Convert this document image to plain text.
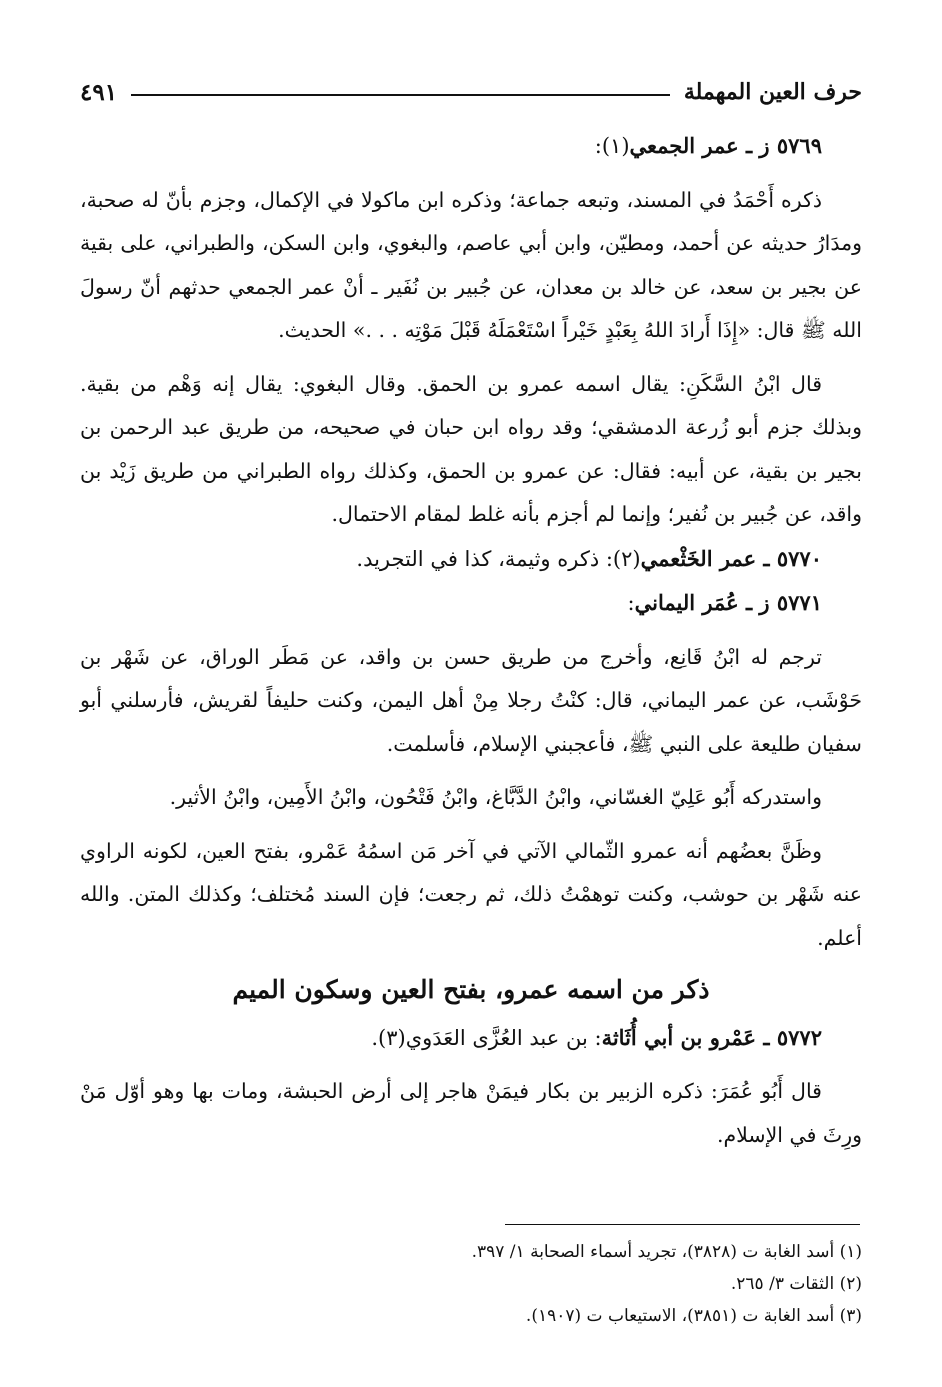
حرف العين المهملة
٤٩١

٥٧٦٩ ز ـ عمر الجمعي(١):

ذكره أَحْمَدُ في المسند، وتبعه جماعة؛ وذكره ابن ماكولا في الإكمال، وجزم بأنّ له صحبة، ومدَارُ حديثه عن أحمد، ومطيّن، وابن أبي عاصم، والبغوي، وابن السكن، والطبراني، على بقية عن بجير بن سعد، عن خالد بن معدان، عن جُبير بن نُفَير ـ أنْ عمر الجمعي حدثهم أنّ رسولَ الله ﷺ قال: «إِذَا أَرادَ اللهُ بِعَبْدٍ خَيْراً اسْتَعْمَلَهُ قَبْلَ مَوْتِه . . .» الحديث.

قال ابْنُ السَّكَنِ: يقال اسمه عمرو بن الحمق. وقال البغوي: يقال إنه وَهْم من بقية. وبذلك جزم أبو زُرعة الدمشقي؛ وقد رواه ابن حبان في صحيحه، من طريق عبد الرحمن بن بجير بن بقية، عن أبيه: فقال: عن عمرو بن الحمق، وكذلك رواه الطبراني من طريق زَيْد بن واقد، عن جُبير بن نُفير؛ وإنما لم أجزم بأنه غلط لمقام الاحتمال.

٥٧٧٠ ـ عمر الخَثْعمي(٢): ذكره وثيمة، كذا في التجريد.

٥٧٧١ ز ـ عُمَر اليماني:

ترجم له ابْنُ قَانِع، وأخرج من طريق حسن بن واقد، عن مَطَر الوراق، عن شَهْر بن حَوْشَب، عن عمر اليماني، قال: كنْتُ رجلا مِنْ أهل اليمن، وكنت حليفاً لقريش، فأرسلني أبو سفيان طليعة على النبي ﷺ، فأعجبني الإسلام، فأسلمت.

واستدركه أَبُو عَلِيّ الغسّاني، وابْنُ الدَّبَّاغ، وابْنُ فَتْحُون، وابْنُ الأَمِين، وابْنُ الأثير.

وظَنَّ بعضُهم أنه عمرو الثّمالي الآتي في آخر مَن اسمُهُ عَمْرو، بفتح العين، لكونه الراوي عنه شَهْر بن حوشب، وكنت توهمْتُ ذلك، ثم رجعت؛ فإن السند مُختلف؛ وكذلك المتن. والله أعلم.

ذكر من اسمه عمرو، بفتح العين وسكون الميم

٥٧٧٢ ـ عَمْرو بن أبي أُثَاثة: بن عبد العُزَّى العَدَوي(٣).

قال أَبُو عُمَرَ: ذكره الزبير بن بكار فيمَنْ هاجر إلى أرض الحبشة، ومات بها وهو أوّل مَنْ ورِثَ في الإسلام.

(١) أسد الغابة ت (٣٨٢٨)، تجريد أسماء الصحابة ١/ ٣٩٧.

(٢) الثقات ٣/ ٢٦٥.

(٣) أسد الغابة ت (٣٨٥١)، الاستيعاب ت (١٩٠٧).
